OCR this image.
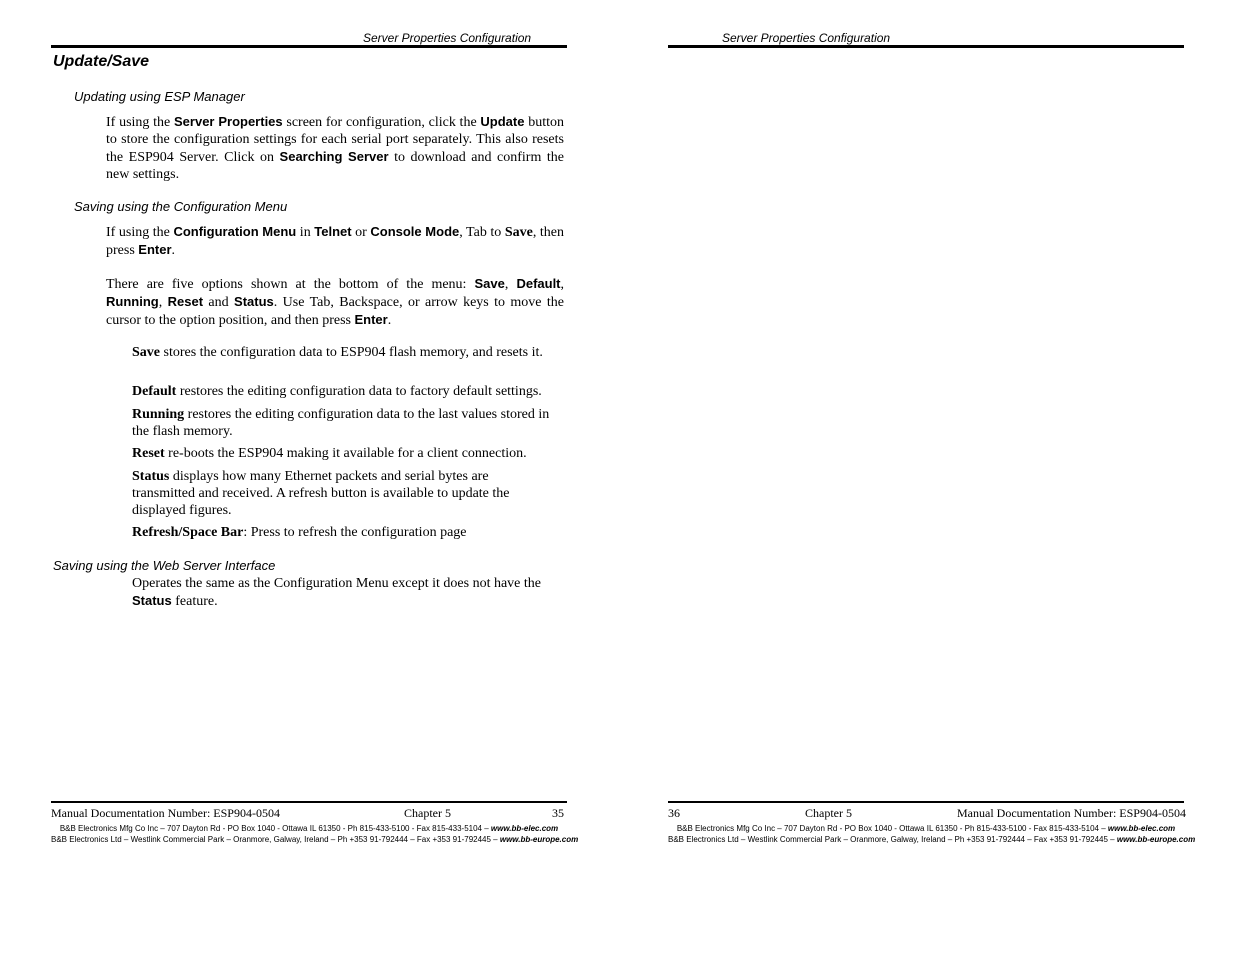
Server Properties Configuration
Update/Save
Updating using ESP Manager

If using the Server Properties screen for configuration, click the Update button to store the configuration settings for each serial port separately. This also resets the ESP904 Server. Click on Searching Server to download and confirm the new settings.

Saving using the Configuration Menu

If using the Configuration Menu in Telnet or Console Mode, Tab to Save, then press Enter.

There are five options shown at the bottom of the menu: Save, Default, Running, Reset and Status. Use Tab, Backspace, or arrow keys to move the cursor to the option position, and then press Enter.

Save stores the configuration data to ESP904 flash memory, and resets it.

Default restores the editing configuration data to factory default settings.

Running restores the editing configuration data to the last values stored in the flash memory.

Reset re-boots the ESP904 making it available for a client connection.

Status displays how many Ethernet packets and serial bytes are transmitted and received. A refresh button is available to update the displayed figures.

Refresh/Space Bar: Press to refresh the configuration page

Saving using the Web Server Interface

Operates the same as the Configuration Menu except it does not have the Status feature.

Manual Documentation Number: ESP904-0504	Chapter 5	35
B&B Electronics Mfg Co Inc – 707 Dayton Rd - PO Box 1040 - Ottawa IL 61350 - Ph 815-433-5100 - Fax 815-433-5104 – www.bb-elec.com
B&B Electronics Ltd – Westlink Commercial Park – Oranmore, Galway, Ireland – Ph +353 91-792444 – Fax +353 91-792445 – www.bb-europe.com
Server Properties Configuration
36	Chapter 5	Manual Documentation Number: ESP904-0504
B&B Electronics Mfg Co Inc – 707 Dayton Rd - PO Box 1040 - Ottawa IL 61350 - Ph 815-433-5100 - Fax 815-433-5104 – www.bb-elec.com
B&B Electronics Ltd – Westlink Commercial Park – Oranmore, Galway, Ireland – Ph +353 91-792444 – Fax +353 91-792445 – www.bb-europe.com
